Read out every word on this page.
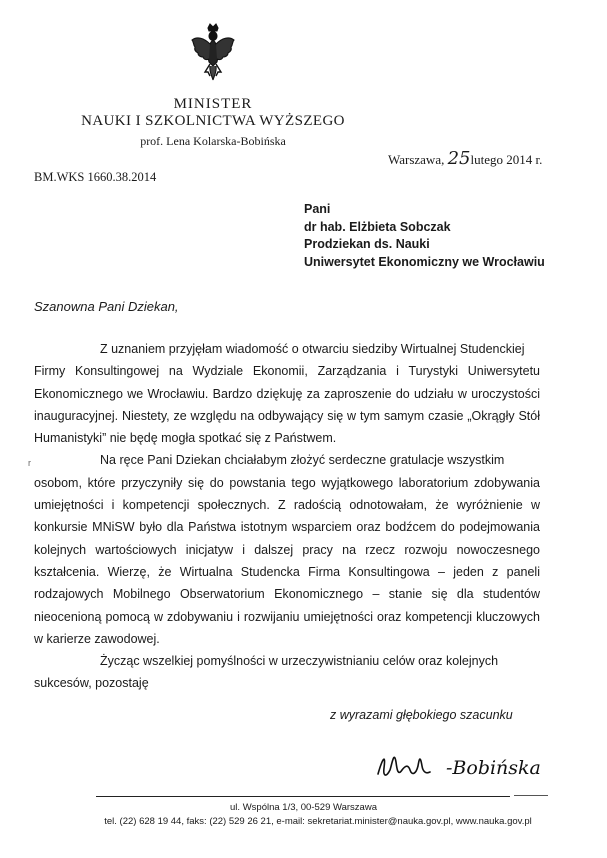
MINISTER
NAUKI I SZKOLNICTWA WYŻSZEGO
prof. Lena Kolarska-Bobińska
Warszawa, 25lutego 2014 r.
BM.WKS 1660.38.2014
Pani
dr hab. Elżbieta Sobczak
Prodziekan ds. Nauki
Uniwersytet Ekonomiczny we Wrocławiu
Szanowna Pani Dziekan,
r

Z uznaniem przyjęłam wiadomość o otwarciu siedziby Wirtualnej Studenckiej

Firmy Konsultingowej na Wydziale Ekonomii, Zarządzania i Turystyki Uniwersytetu Ekonomicznego we Wrocławiu. Bardzo dziękuję za zaproszenie do udziału w uroczystości inauguracyjnej. Niestety, ze względu na odbywający się w tym samym czasie „Okrągły Stół Humanistyki” nie będę mogła spotkać się z Państwem.

Na ręce Pani Dziekan chciałabym złożyć serdeczne gratulacje wszystkim

osobom, które przyczyniły się do powstania tego wyjątkowego laboratorium zdobywania umiejętności i kompetencji społecznych. Z radością odnotowałam, że wyróżnienie w konkursie MNiSW było dla Państwa istotnym wsparciem oraz bodźcem do podejmowania kolejnych wartościowych inicjatyw i dalszej pracy na rzecz rozwoju nowoczesnego kształcenia. Wierzę, że Wirtualna Studencka Firma Konsultingowa – jeden z paneli rodzajowych Mobilnego Obserwatorium Ekonomicznego – stanie się dla studentów nieocenioną pomocą w zdobywaniu i rozwijaniu umiejętności oraz kompetencji kluczowych w karierze zawodowej.

Życząc wszelkiej pomyślności w urzeczywistnianiu celów oraz kolejnych

sukcesów, pozostaję

z wyrazami głębokiego szacunku
-Bobińska
ul. Wspólna 1/3, 00-529 Warszawa
tel. (22) 628 19 44, faks: (22) 529 26 21, e-mail: sekretariat.minister@nauka.gov.pl, www.nauka.gov.pl
